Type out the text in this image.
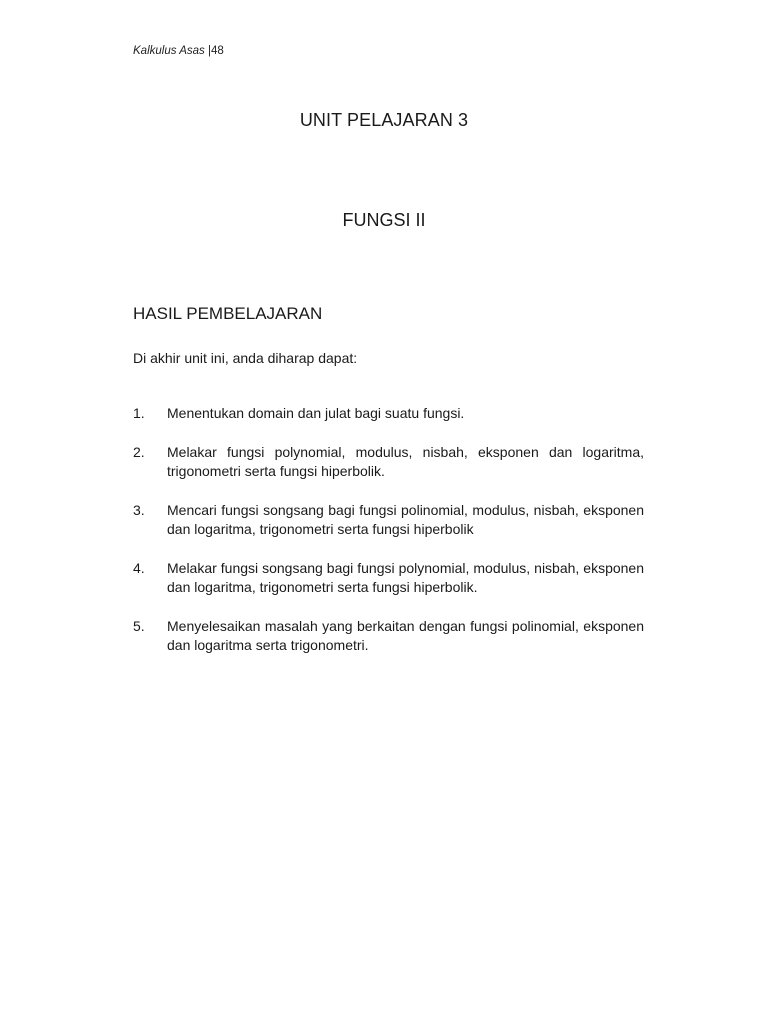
Kalkulus Asas |48
UNIT PELAJARAN 3
FUNGSI II
HASIL PEMBELAJARAN
Di akhir unit ini, anda diharap dapat:
1.	Menentukan domain dan julat bagi suatu fungsi.
2.	Melakar fungsi polynomial, modulus, nisbah, eksponen dan logaritma, trigonometri serta fungsi hiperbolik.
3.	Mencari fungsi songsang bagi fungsi polinomial, modulus, nisbah, eksponen dan logaritma, trigonometri serta fungsi hiperbolik
4.	Melakar fungsi songsang bagi fungsi polynomial, modulus, nisbah, eksponen dan logaritma, trigonometri serta fungsi hiperbolik.
5.	Menyelesaikan masalah yang berkaitan dengan fungsi polinomial, eksponen dan logaritma serta trigonometri.
